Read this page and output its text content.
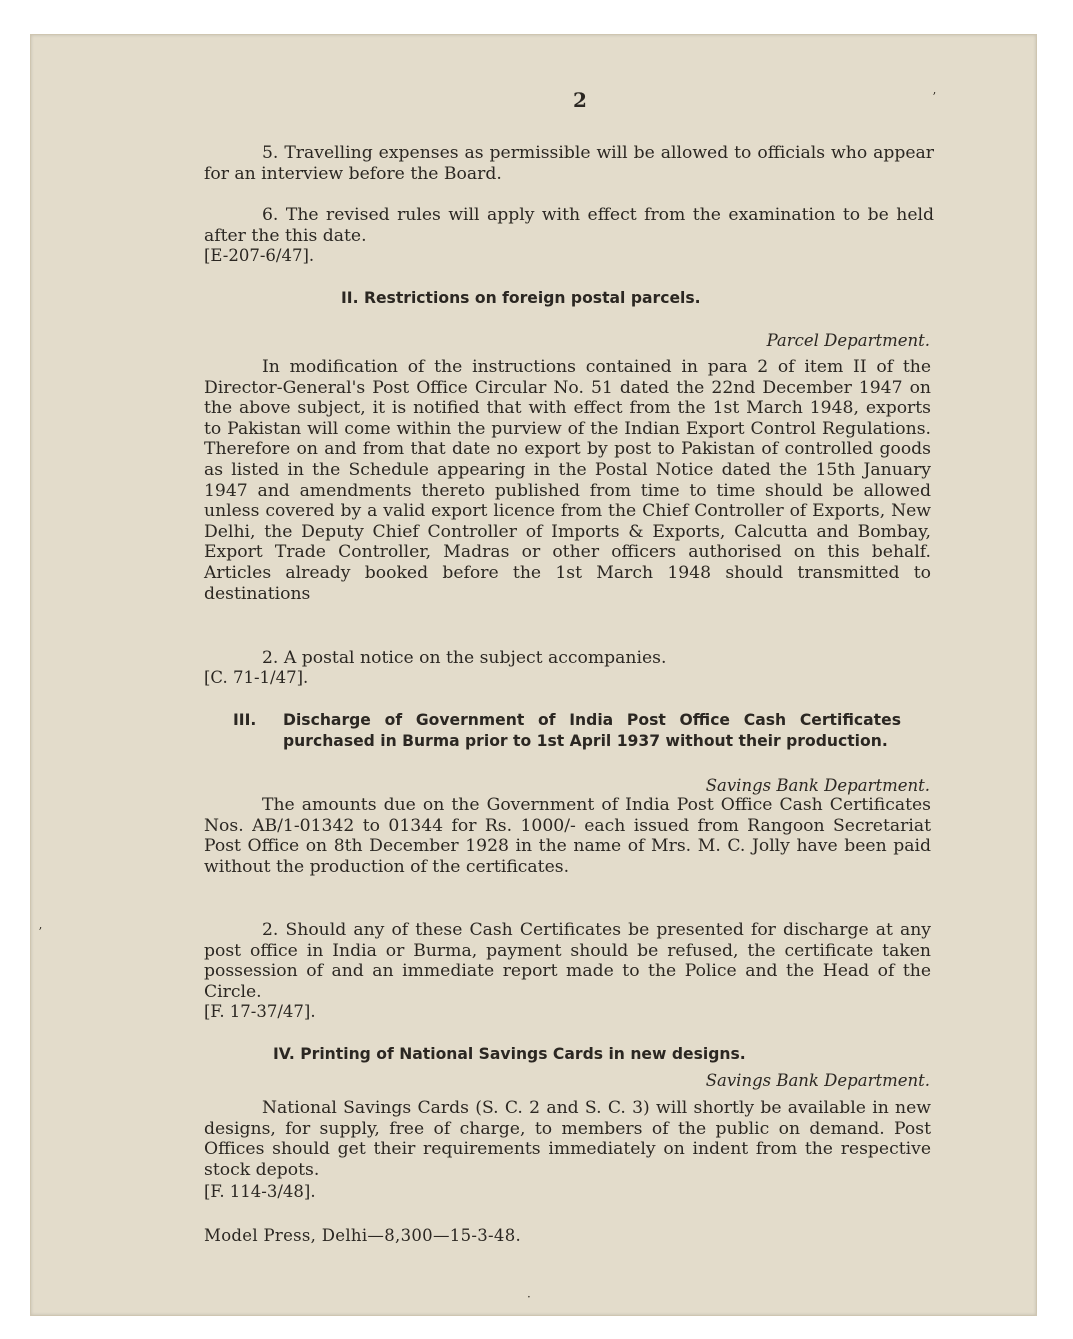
2	ʼ
5. Travelling expenses as permissible will be allowed to officials who appear for an interview before the Board.
6. The revised rules will apply with effect from the examination to be held after the this date.
[E-207-6/47].
II. Restrictions on foreign postal parcels.
Parcel Department.
In modification of the instructions contained in para 2 of item II of the Director-General's Post Office Circular No. 51 dated the 22nd December 1947 on the above subject, it is notified that with effect from the 1st March 1948, exports to Pakistan will come within the purview of the Indian Export Control Regulations. Therefore on and from that date no export by post to Pakistan of controlled goods as listed in the Schedule appearing in the Postal Notice dated the 15th January 1947 and amendments thereto published from time to time should be allowed unless covered by a valid export licence from the Chief Controller of Exports, New Delhi, the Deputy Chief Controller of Imports & Exports, Calcutta and Bombay, Export Trade Controller, Madras or other officers authorised on this behalf. Articles already booked before the 1st March 1948 should transmitted to destinations
2. A postal notice on the subject accompanies.
[C. 71-1/47].
III.	Discharge of Government of India Post Office Cash Certificates purchased in Burma prior to 1st April 1937 without their production.
Savings Bank Department.
The amounts due on the Government of India Post Office Cash Certificates Nos. AB/1-01342 to 01344 for Rs. 1000/- each issued from Rangoon Secretariat Post Office on 8th December 1928 in the name of Mrs. M. C. Jolly have been paid without the production of the certificates.
2. Should any of these Cash Certificates be presented for discharge at any post office in India or Burma, payment should be refused, the certificate taken possession of and an immediate report made to the Police and the Head of the Circle.
[F. 17-37/47].
IV. Printing of National Savings Cards in new designs.
Savings Bank Department.
National Savings Cards (S. C. 2 and S. C. 3) will shortly be available in new designs, for supply, free of charge, to members of the public on demand. Post Offices should get their requirements immediately on indent from the respective stock depots.
[F. 114-3/48].
Model Press, Delhi—8,300—15-3-48.
ʼ
·
